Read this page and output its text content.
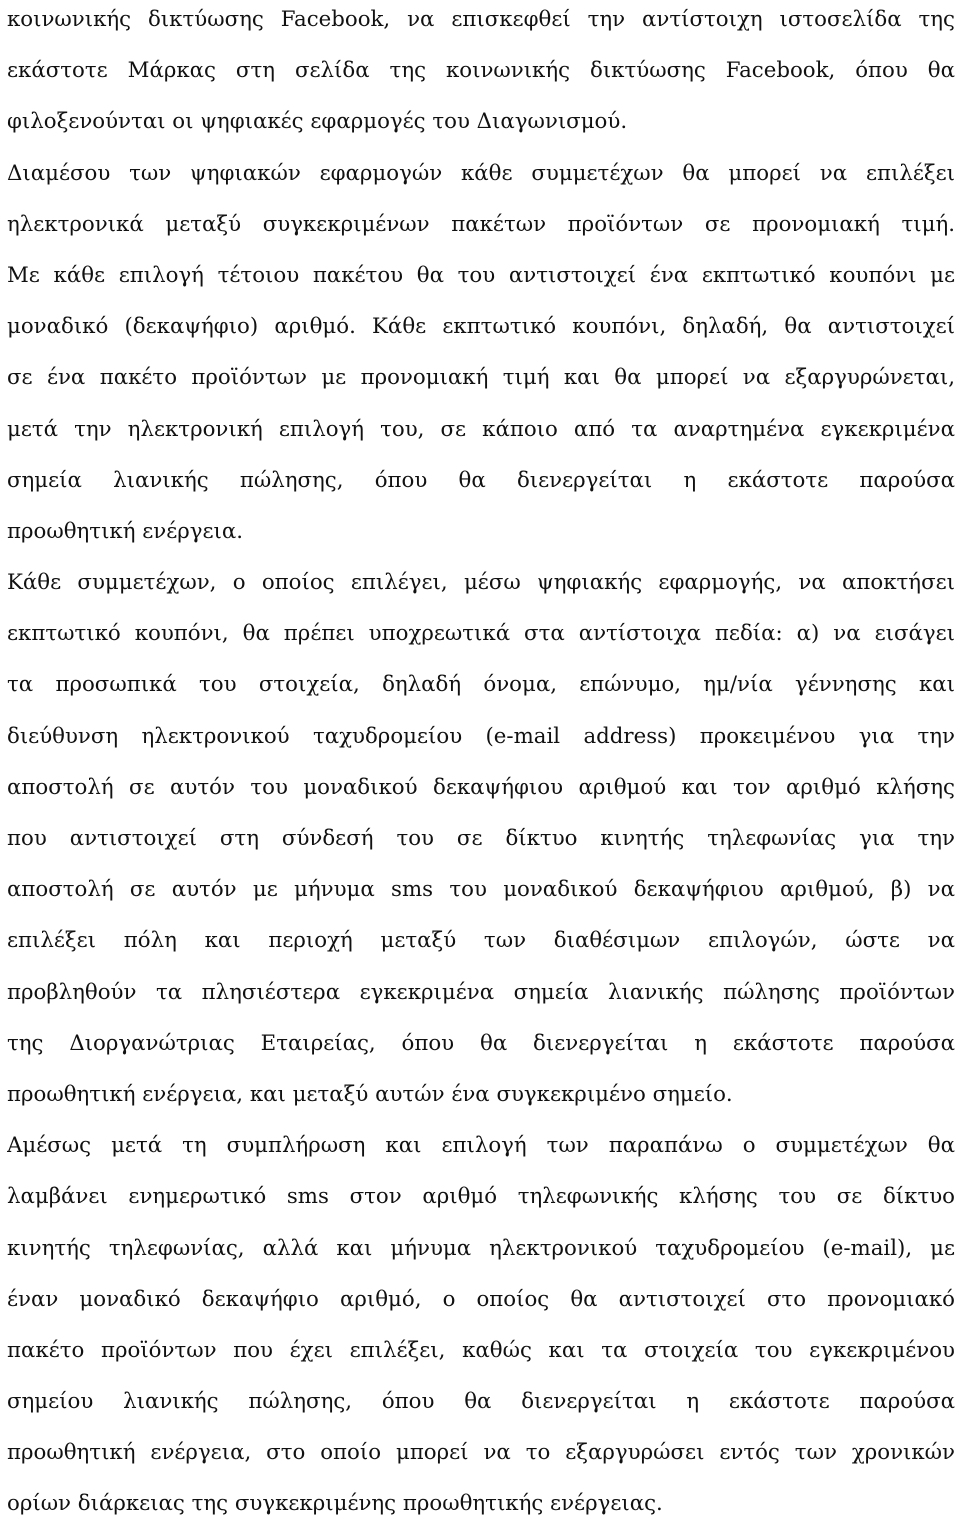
κοινωνικής δικτύωσης Facebook, να επισκεφθεί την αντίστοιχη ιστοσελίδα της
εκάστοτε Μάρκας στη σελίδα της κοινωνικής δικτύωσης Facebook, όπου θα
φιλοξενούνται οι ψηφιακές εφαρμογές του Διαγωνισμού.
Διαμέσου των ψηφιακών εφαρμογών κάθε συμμετέχων θα μπορεί να επιλέξει
ηλεκτρονικά μεταξύ συγκεκριμένων πακέτων προϊόντων σε προνομιακή τιμή.
Με κάθε επιλογή τέτοιου πακέτου θα του αντιστοιχεί ένα εκπτωτικό κουπόνι με
μοναδικό (δεκαψήφιο) αριθμό. Κάθε εκπτωτικό κουπόνι, δηλαδή, θα αντιστοιχεί
σε ένα πακέτο προϊόντων με προνομιακή τιμή και θα μπορεί να εξαργυρώνεται,
μετά την ηλεκτρονική επιλογή του, σε κάποιο από τα αναρτημένα εγκεκριμένα
σημεία λιανικής πώλησης, όπου θα διενεργείται η εκάστοτε παρούσα
προωθητική ενέργεια.
Κάθε συμμετέχων, ο οποίος επιλέγει, μέσω ψηφιακής εφαρμογής, να αποκτήσει
εκπτωτικό κουπόνι, θα πρέπει υποχρεωτικά στα αντίστοιχα πεδία: α) να εισάγει
τα προσωπικά του στοιχεία, δηλαδή όνομα, επώνυμο, ημ/νία γέννησης και
διεύθυνση ηλεκτρονικού ταχυδρομείου (e-mail address) προκειμένου για την
αποστολή σε αυτόν του μοναδικού δεκαψήφιου αριθμού και τον αριθμό κλήσης
που αντιστοιχεί στη σύνδεσή του σε δίκτυο κινητής τηλεφωνίας για την
αποστολή σε αυτόν με μήνυμα sms του μοναδικού δεκαψήφιου αριθμού, β) να
επιλέξει πόλη και περιοχή μεταξύ των διαθέσιμων επιλογών, ώστε να
προβληθούν τα πλησιέστερα εγκεκριμένα σημεία λιανικής πώλησης προϊόντων
της Διοργανώτριας Εταιρείας, όπου θα διενεργείται η εκάστοτε παρούσα
προωθητική ενέργεια, και μεταξύ αυτών ένα συγκεκριμένο σημείο.
Αμέσως μετά τη συμπλήρωση και επιλογή των παραπάνω ο συμμετέχων θα
λαμβάνει ενημερωτικό sms στον αριθμό τηλεφωνικής κλήσης του σε δίκτυο
κινητής τηλεφωνίας, αλλά και μήνυμα ηλεκτρονικού ταχυδρομείου (e-mail), με
έναν μοναδικό δεκαψήφιο αριθμό, ο οποίος θα αντιστοιχεί στο προνομιακό
πακέτο προϊόντων που έχει επιλέξει, καθώς και τα στοιχεία του εγκεκριμένου
σημείου λιανικής πώλησης, όπου θα διενεργείται η εκάστοτε παρούσα
προωθητική ενέργεια, στο οποίο μπορεί να το εξαργυρώσει εντός των χρονικών
ορίων διάρκειας της συγκεκριμένης προωθητικής ενέργειας.
